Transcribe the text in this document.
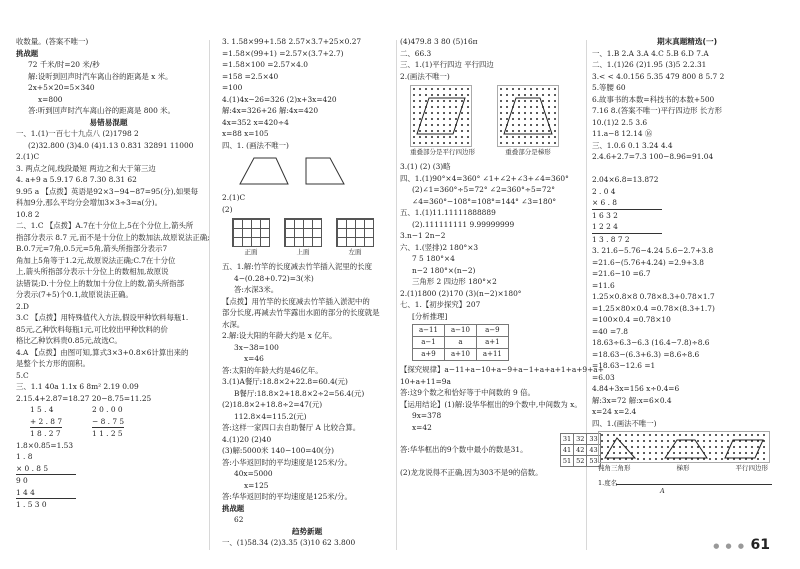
收数量。(答案不唯一)
挑战题
72 千米/时=20 米/秒
解:设听到回声时汽车离山谷的距离是 x 米。
2x+5×20=5×340
x=800
答:听到回声时汽车离山谷的距离是 800 米。
易错易混题
一、1.(1)一百七十九点八 (2)1798 2
(2)32.800 (3)4.0 (4)1.13 0.831 32891 11000
2.(1)C
3. 两点之间,线段最短 两边之和大于第三边
4. a+9 a 5.9.17 6.8 7.30 8.31 62
9.95 a 【点拨】英语是92×3−94−87=95(分),如果每
科加9分,那么平均分会增加3×3÷3=a(分)。
10.8 2
二、1.C 【点拨】A.7在十分位上,5在个分位上,箭头所
指部分表示 8.7 元,而不是十分位上的数加法,故原说法正确;
B.0.7元=7角,0.5元=5角,箭头所指部分表示7
角加上5角等于1.2元,故原说法正确;C.7在十分位
上,箭头所指部分表示十分位上的数相加,故原说
法错误;D.十分位上的数加十分位上的数,箭头所指部
分表示(7+5)个0.1,故原说法正确。
2.D
3.C 【点拨】用特殊值代入方法,假设甲种饮料每瓶1.
85元,乙种饮料每瓶1元,可比较出甲种饮料的价
格比乙种饮料贵0.85元,故选C。
4.A 【点拨】由图可知,算式3×3+0.8×6计算出来的
是整个长方形的面积。
5.C
三、1.1 40a 1.1x 6 8m² 2.19 0.09
2.15.4+2.87=18.27 20−8.75=11.25
1 5 . 4
+ 2 . 8 7
1 8 . 2 7
2 0 . 0 0
− 8 . 7 5
1 1 . 2 5
1.8×0.85=1.53
1 . 8
× 0 . 8 5
9 0
1 4 4
1 . 5 3 0
3. 1.58×99+1.58 2.57×3.7+25×0.27
=1.58×(99+1) =2.57×(3.7+2.7)
=1.58×100 =2.57×4.0
=158 =2.5×40
=100
4.(1)4x−26=326 (2)x+3x=420
解:4x=326+26 解:4x=420
4x=352 x=420÷4
x=88 x=105
四、1. (画法不唯一)
2.(1)C
(2)
正面	上面	左面
五、1.解:竹竿的长度减去竹竿插入泥里的长度
4−(0.28+0.72)=3(米)
答:水深3米。
【点拨】用竹竿的长度减去竹竿插入淤泥中的
部分长度,再减去竹竿露出水面的部分的长度就是
水深。
2.解:设大阳的年龄大约是 x 亿年。
3x−38=100
x=46
答:太阳的年龄大约是46亿年。
3.(1)A餐厅:18.8×2+22.8=60.4(元)
B餐厅:18.8×2+18.8×2÷2=56.4(元)
(2)18.8×2+18.8÷2=47(元)
112.8×4=115.2(元)
答:这样一家四口去自助餐厅 A 比较合算。
4.(1)20 (2)40
(3)解:5000米 140−100=40(分)
答:小华返回时的平均速度是125米/分。
40x=5000
x=125
答:华华返回时的平均速度是125米/分。
挑战题
62
趋势新题
一、(1)58.34 (2)3.35 (3)10 62 3.800
(4)479.8 3 80 (5)16π
二、66.3
三、1.(1)平行四边 平行四边
2.(画法不唯一)
重叠部分是平行四边形	重叠部分是梯形
3.(1) (2) (3)略
四、1.(1)90°×4=360° ∠1+∠2+∠3+∠4=360°
(2)∠1=360°÷5=72° ∠2=360°÷5=72°
∠4=360°−108°=108°=144° ∠3=180°
五、1.(1)11.11111888889
(2).111111111 9.99999999
3.n−1 2n−2
六、1.(竖排)2 180°×3
7 5 180°×4
n−2 180°×(n−2)
三角形 2 四边形 180°×2
2.(1)1800 (2)170 (3)(n−2)×180°
七、1.【初步探究】207
[分析推理]
a−11	a−10	a−9
a−1	a	a+1
a+9	a+10	a+11
【探究规律】a−11+a−10+a−9+a−1+a+a+1+a+9+a+
10+a+11=9a
答:这9个数之和恰好等于中间数的 9 倍。
【运用结论】(1)解:设华华框出的9个数中,中间数为 x。
9x=378
x=42
答:华华框出的9个数中最小的数是31。 31	32	33
41	42	43
51	52	53
(2)龙龙说得不正确,因为303不是9的倍数。
期末真题精选(一)
一、1.B 2.A 3.A 4.C 5.B 6.D 7.A
二、1.(1)26 (2)1.95 (3)5 2.2.31
3.< < 4.0.156 5.35 479 800 8 5.7 2
5.等腰 60
6.故事书的本数=科技书的本数+500
7.16 8.(答案不唯一)平行四边形 长方形
10.(1)2 2.5 3.6
11.a−8 12.14 ⑯
三、1.0.6 0.1 3.24 4.4
2.4.6+2.7=7.3 100−8.96=91.04
2.04×6.8=13.872
2 . 0 4
× 6 . 8
1 6 3 2
1 2 2 4
1 3 . 8 7 2
3. 21.6−5.76−4.24 5.6−2.7+3.8
=21.6−(5.76+4.24) =2.9+3.8
=21.6−10 =6.7
=11.6
1.25×0.8×8 0.78×8.3+0.78×1.7
=1.25×80×0.4 =0.78×(8.3+1.7)
=100×0.4 =0.78×10
=40 =7.8
18.63÷6.3−6.3 (16.4−7.8)÷8.6
=18.63−(6.3+6.3) =8.6÷8.6
=18.63−12.6 =1
=6.03
4.84+3x=156 x÷0.4=6
解:3x=72 解:x=6×0.4
x=24 x=2.4
四、1.(画法不唯一)
钝角三角形	梯形	平行四边形
1.度名
A
● ● ● 61
